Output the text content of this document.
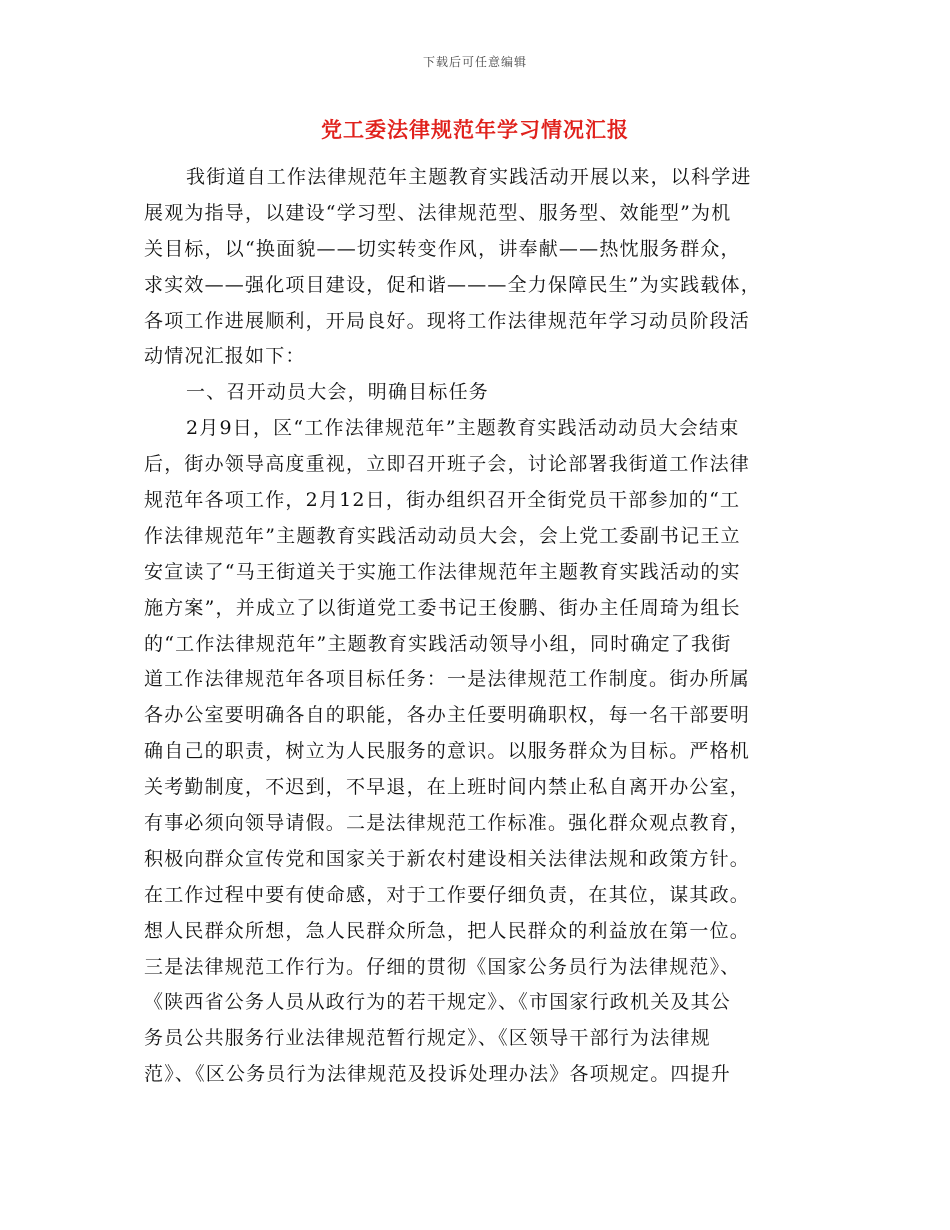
下载后可任意编辑
党工委法律规范年学习情况汇报
我街道自工作法律规范年主题教育实践活动开展以来，以科学进
展观为指导，以建设“学习型、法律规范型、服务型、效能型”为机
关目标，以“换面貌——切实转变作风，讲奉献——热忱服务群众，
求实效——强化项目建设，促和谐———全力保障民生”为实践载体，
各项工作进展顺利，开局良好。现将工作法律规范年学习动员阶段活
动情况汇报如下：
一、召开动员大会，明确目标任务
2月9日，区“工作法律规范年”主题教育实践活动动员大会结束
后，街办领导高度重视，立即召开班子会，讨论部署我街道工作法律
规范年各项工作，2月12日，街办组织召开全街党员干部参加的“工
作法律规范年”主题教育实践活动动员大会，会上党工委副书记王立
安宣读了“马王街道关于实施工作法律规范年主题教育实践活动的实
施方案”，并成立了以街道党工委书记王俊鹏、街办主任周琦为组长
的“工作法律规范年”主题教育实践活动领导小组，同时确定了我街
道工作法律规范年各项目标任务：一是法律规范工作制度。街办所属
各办公室要明确各自的职能，各办主任要明确职权，每一名干部要明
确自己的职责，树立为人民服务的意识。以服务群众为目标。严格机
关考勤制度，不迟到，不早退，在上班时间内禁止私自离开办公室，
有事必须向领导请假。二是法律规范工作标准。强化群众观点教育，
积极向群众宣传党和国家关于新农村建设相关法律法规和政策方针。
在工作过程中要有使命感，对于工作要仔细负责，在其位，谋其政。
想人民群众所想，急人民群众所急，把人民群众的利益放在第一位。
三是法律规范工作行为。仔细的贯彻《国家公务员行为法律规范》、
《陕西省公务人员从政行为的若干规定》、《市国家行政机关及其公
务员公共服务行业法律规范暂行规定》、《区领导干部行为法律规
范》、《区公务员行为法律规范及投诉处理办法》各项规定。四提升
